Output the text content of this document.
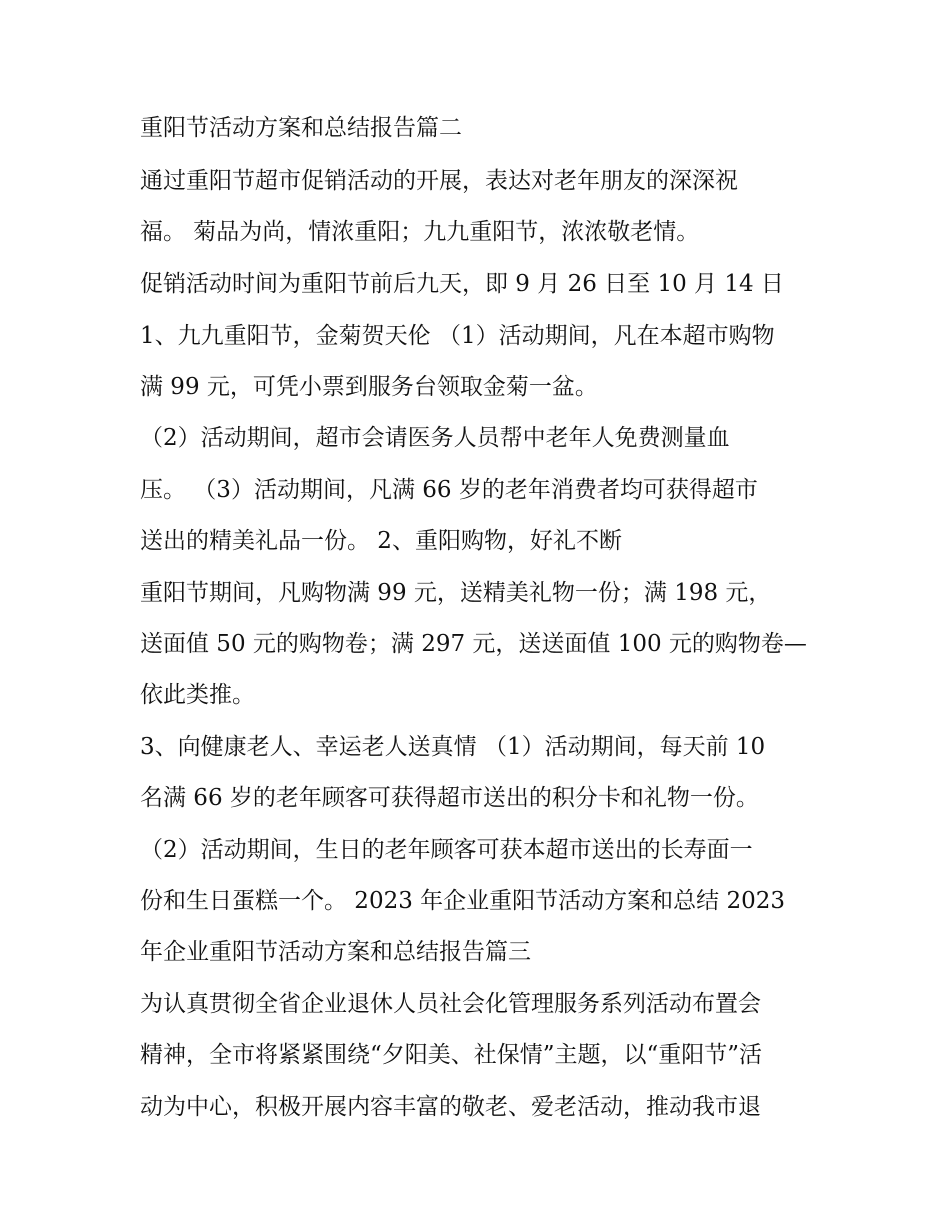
重阳节活动方案和总结报告篇二
通过重阳节超市促销活动的开展，表达对老年朋友的深深祝
福。 菊品为尚，情浓重阳；九九重阳节，浓浓敬老情。
促销活动时间为重阳节前后九天，即 9 月 26 日至 10 月 14 日
1、九九重阳节，金菊贺天伦 （1）活动期间，凡在本超市购物
满 99 元，可凭小票到服务台领取金菊一盆。
（2）活动期间，超市会请医务人员帮中老年人免费测量血
压。 （3）活动期间，凡满 66 岁的老年消费者均可获得超市
送出的精美礼品一份。 2、重阳购物，好礼不断
重阳节期间，凡购物满 99 元，送精美礼物一份；满 198 元，
送面值 50 元的购物卷；满 297 元，送送面值 100 元的购物卷—
依此类推。
3、向健康老人、幸运老人送真情 （1）活动期间，每天前 10
名满 66 岁的老年顾客可获得超市送出的积分卡和礼物一份。
（2）活动期间，生日的老年顾客可获本超市送出的长寿面一
份和生日蛋糕一个。 2023 年企业重阳节活动方案和总结 2023
年企业重阳节活动方案和总结报告篇三
为认真贯彻全省企业退休人员社会化管理服务系列活动布置会
精神，全市将紧紧围绕“夕阳美、社保情”主题，以“重阳节”活
动为中心，积极开展内容丰富的敬老、爱老活动，推动我市退
